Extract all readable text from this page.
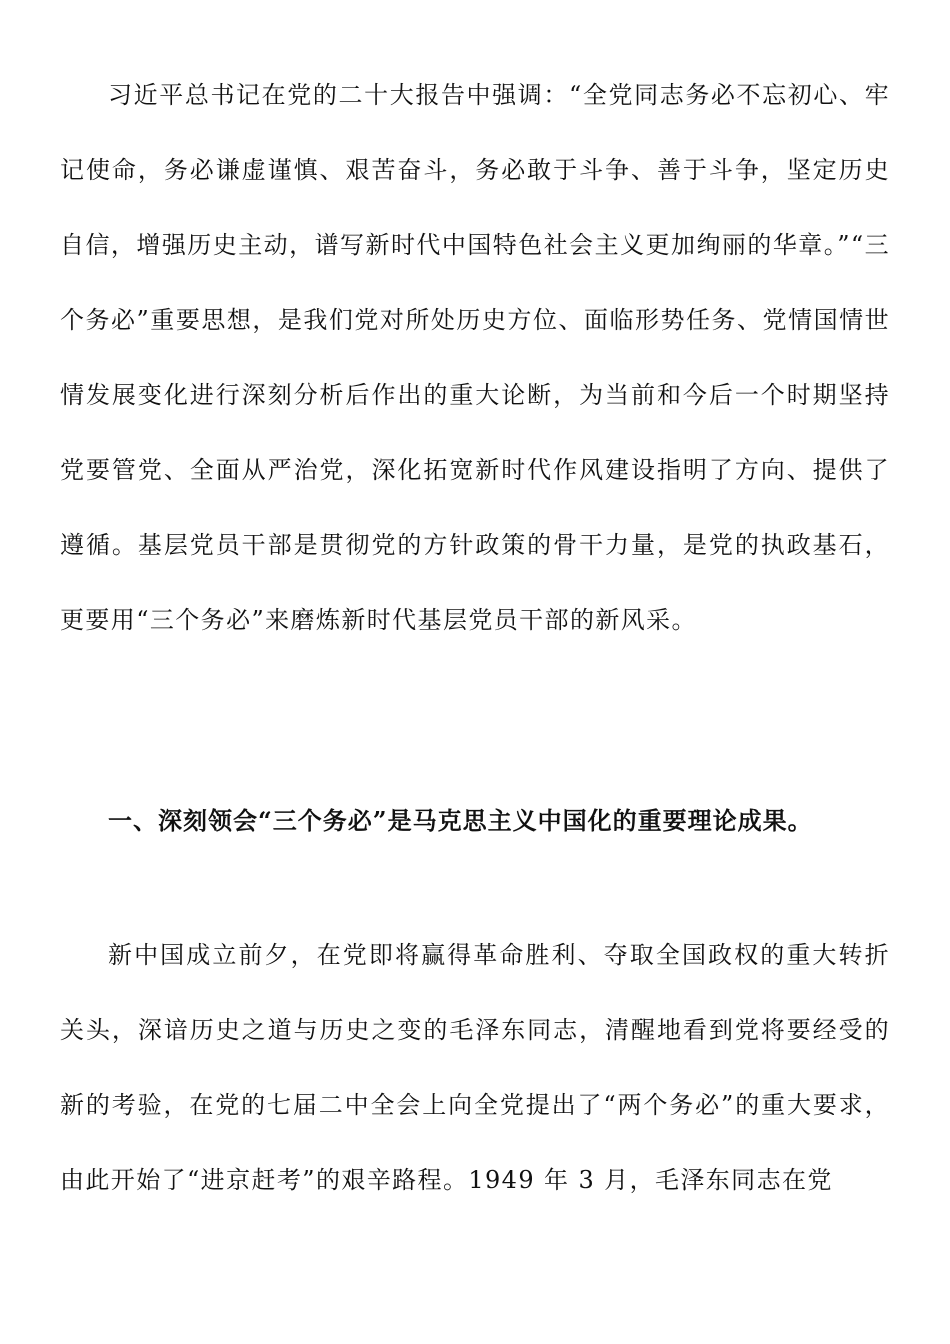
习近平总书记在党的二十大报告中强调：“全党同志务必不忘初心、牢记使命，务必谦虚谨慎、艰苦奋斗，务必敢于斗争、善于斗争，坚定历史自信，增强历史主动，谱写新时代中国特色社会主义更加绚丽的华章。”“三个务必”重要思想，是我们党对所处历史方位、面临形势任务、党情国情世情发展变化进行深刻分析后作出的重大论断，为当前和今后一个时期坚持党要管党、全面从严治党，深化拓宽新时代作风建设指明了方向、提供了遵循。基层党员干部是贯彻党的方针政策的骨干力量，是党的执政基石，更要用“三个务必”来磨炼新时代基层党员干部的新风采。

一、深刻领会“三个务必”是马克思主义中国化的重要理论成果。

新中国成立前夕，在党即将赢得革命胜利、夺取全国政权的重大转折关头，深谙历史之道与历史之变的毛泽东同志，清醒地看到党将要经受的新的考验，在党的七届二中全会上向全党提出了“两个务必”的重大要求，由此开始了“进京赶考”的艰辛路程。1949 年 3 月，毛泽东同志在党
